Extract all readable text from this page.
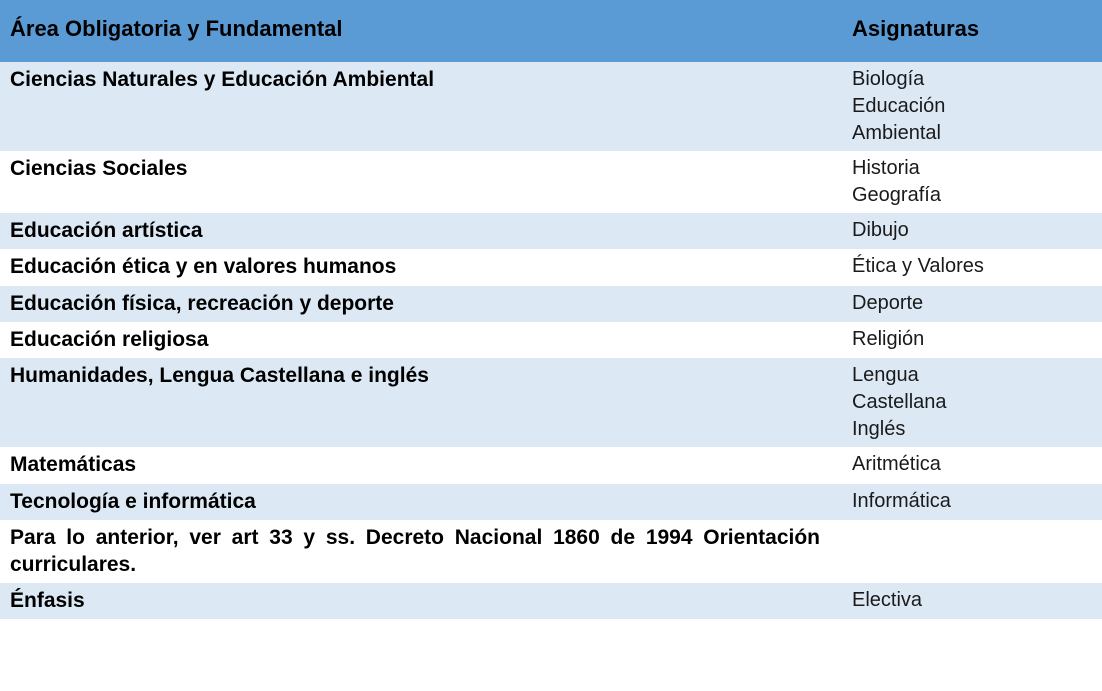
Área Obligatoria y Fundamental	Asignaturas
Ciencias Naturales y Educación Ambiental	Biología
Educación
Ambiental

Ciencias Sociales	Historia
Geografía

Educación artística	Dibujo

Educación ética y en valores humanos	Ética y Valores

Educación física, recreación y deporte	Deporte

Educación religiosa	Religión

Humanidades, Lengua Castellana e inglés	Lengua
Castellana
Inglés

Matemáticas	Aritmética

Tecnología e informática	Informática

Para lo anterior, ver art 33 y ss. Decreto Nacional 1860 de 1994 Orientación curriculares.	
Énfasis	Electiva
